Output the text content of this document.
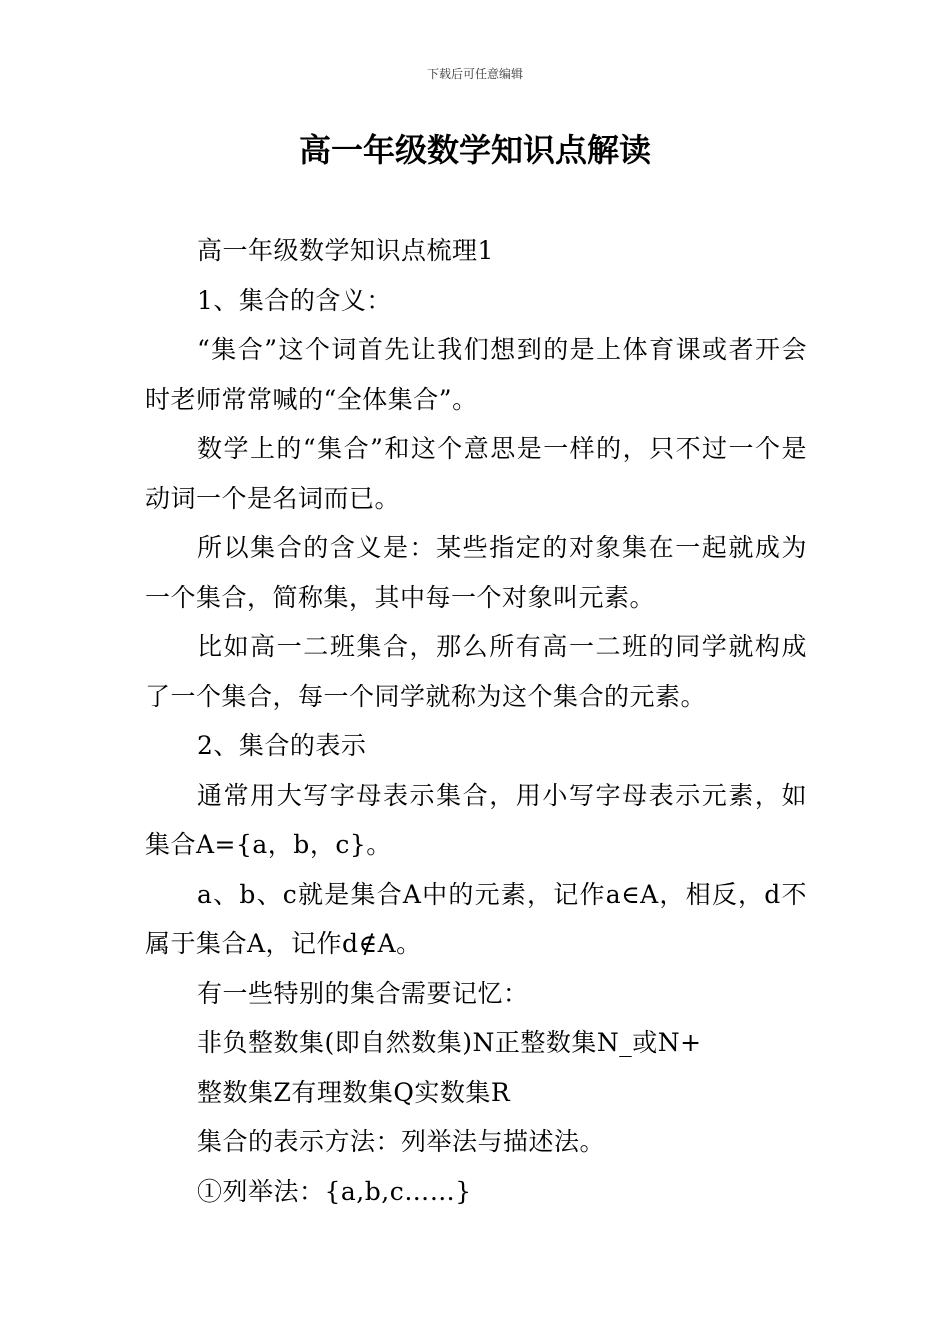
下载后可任意编辑
高一年级数学知识点解读

高一年级数学知识点梳理1

1、集合的含义：

“集合”这个词首先让我们想到的是上体育课或者开会时老师常常喊的“全体集合”。

数学上的“集合”和这个意思是一样的，只不过一个是动词一个是名词而已。

所以集合的含义是：某些指定的对象集在一起就成为一个集合，简称集，其中每一个对象叫元素。

比如高一二班集合，那么所有高一二班的同学就构成了一个集合，每一个同学就称为这个集合的元素。

2、集合的表示

通常用大写字母表示集合，用小写字母表示元素，如集合A={a，b，c}。

a、b、c就是集合A中的元素，记作a∈A，相反，d不属于集合A，记作d∉A。

有一些特别的集合需要记忆：

非负整数集(即自然数集)N正整数集N_或N+

整数集Z有理数集Q实数集R

集合的表示方法：列举法与描述法。

①列举法：{a,b,c……}
